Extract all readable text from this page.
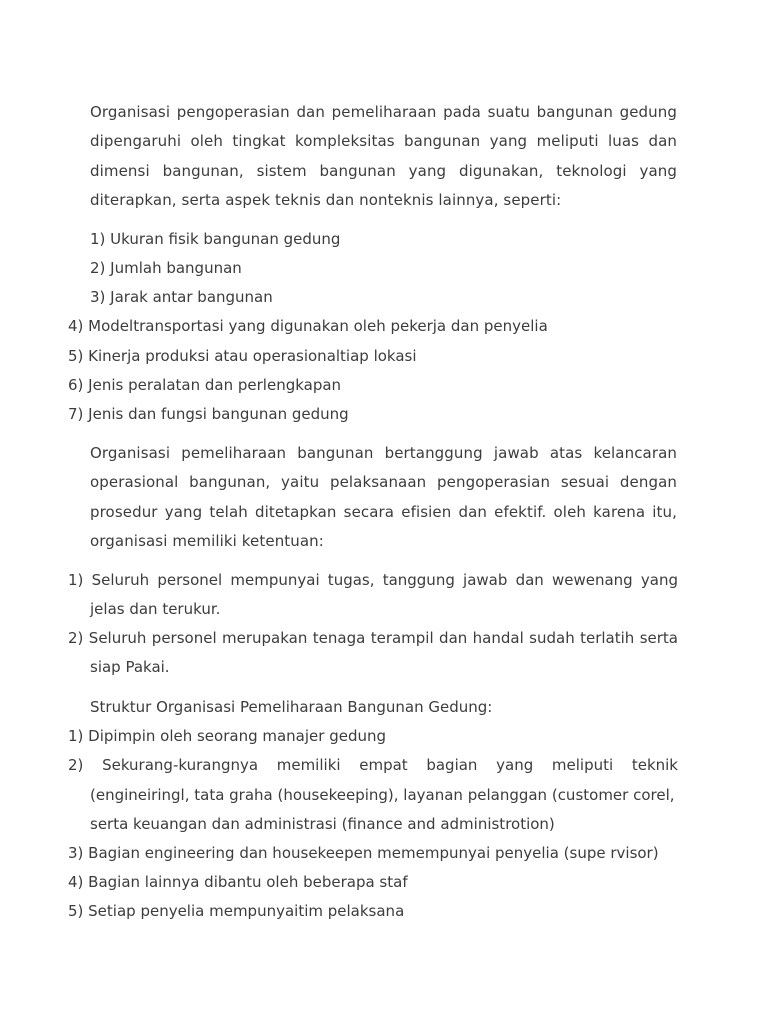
Organisasi pengoperasian dan pemeliharaan pada suatu bangunan gedung dipengaruhi oleh tingkat kompleksitas bangunan yang meliputi luas dan dimensi bangunan, sistem bangunan yang digunakan, teknologi yang diterapkan, serta aspek teknis dan nonteknis lainnya, seperti:

1) Ukuran fisik bangunan gedung
2) Jumlah bangunan
3) Jarak antar bangunan
4) Modeltransportasi yang digunakan oleh pekerja dan penyelia
5) Kinerja produksi atau operasionaltiap lokasi
6) Jenis peralatan dan perlengkapan
7) Jenis dan fungsi bangunan gedung

Organisasi pemeliharaan bangunan bertanggung jawab atas kelancaran operasional bangunan, yaitu pelaksanaan pengoperasian sesuai dengan prosedur yang telah ditetapkan secara efisien dan efektif. oleh karena itu, organisasi memiliki ketentuan:

1) Seluruh personel mempunyai tugas, tanggung jawab dan wewenang yang
jelas dan terukur.
2) Seluruh personel merupakan tenaga terampil dan handal sudah terlatih serta
siap Pakai.
Struktur Organisasi Pemeliharaan Bangunan Gedung:
1) Dipimpin oleh seorang manajer gedung
2) Sekurang-kurangnya memiliki empat bagian yang meliputi teknik
(engineiringl, tata graha (housekeeping), layanan pelanggan (customer corel,
serta keuangan dan administrasi (finance and administrotion)
3) Bagian engineering dan housekeepen memempunyai penyelia (supe rvisor)
4) Bagian lainnya dibantu oleh beberapa staf
5) Setiap penyelia mempunyaitim pelaksana
